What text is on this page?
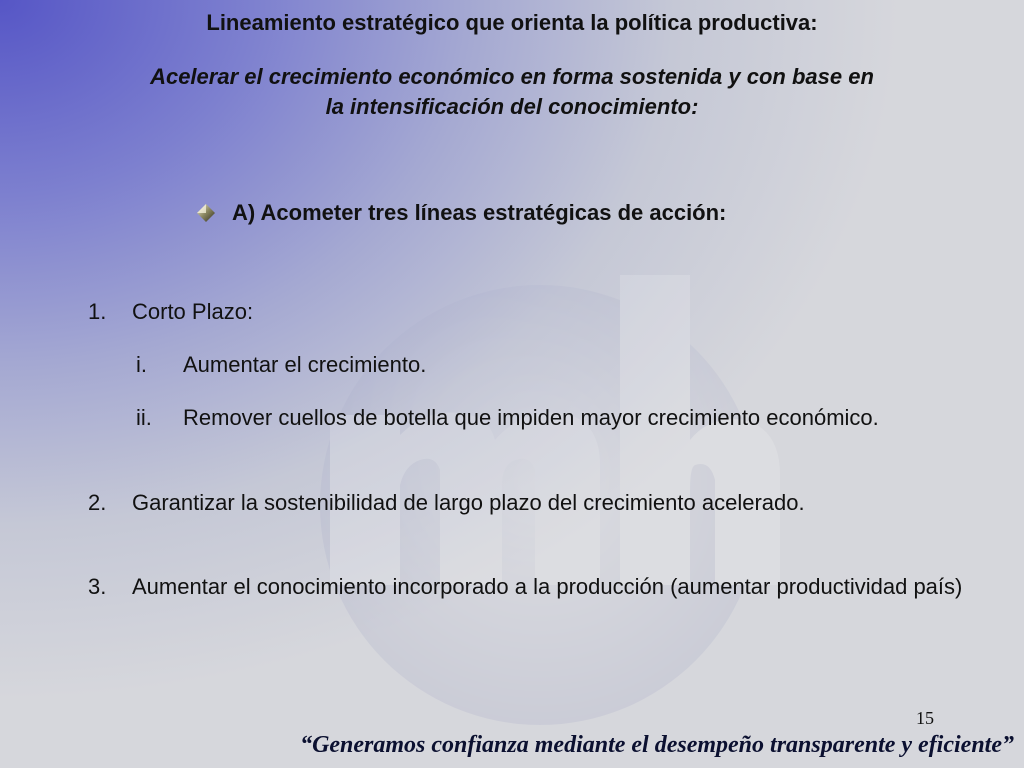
Lineamiento estratégico que orienta la política productiva:
Acelerar el crecimiento económico en forma sostenida y con base en
la intensificación del conocimiento:
A) Acometer tres líneas estratégicas de acción:
1.	Corto Plazo:
i.	Aumentar el crecimiento.
ii.	Remover cuellos de botella que impiden mayor crecimiento económico.
2.	Garantizar la sostenibilidad de largo plazo del crecimiento acelerado.
3.	Aumentar el conocimiento incorporado a la producción (aumentar productividad país)
15
“Generamos confianza mediante el desempeño transparente y eficiente”
